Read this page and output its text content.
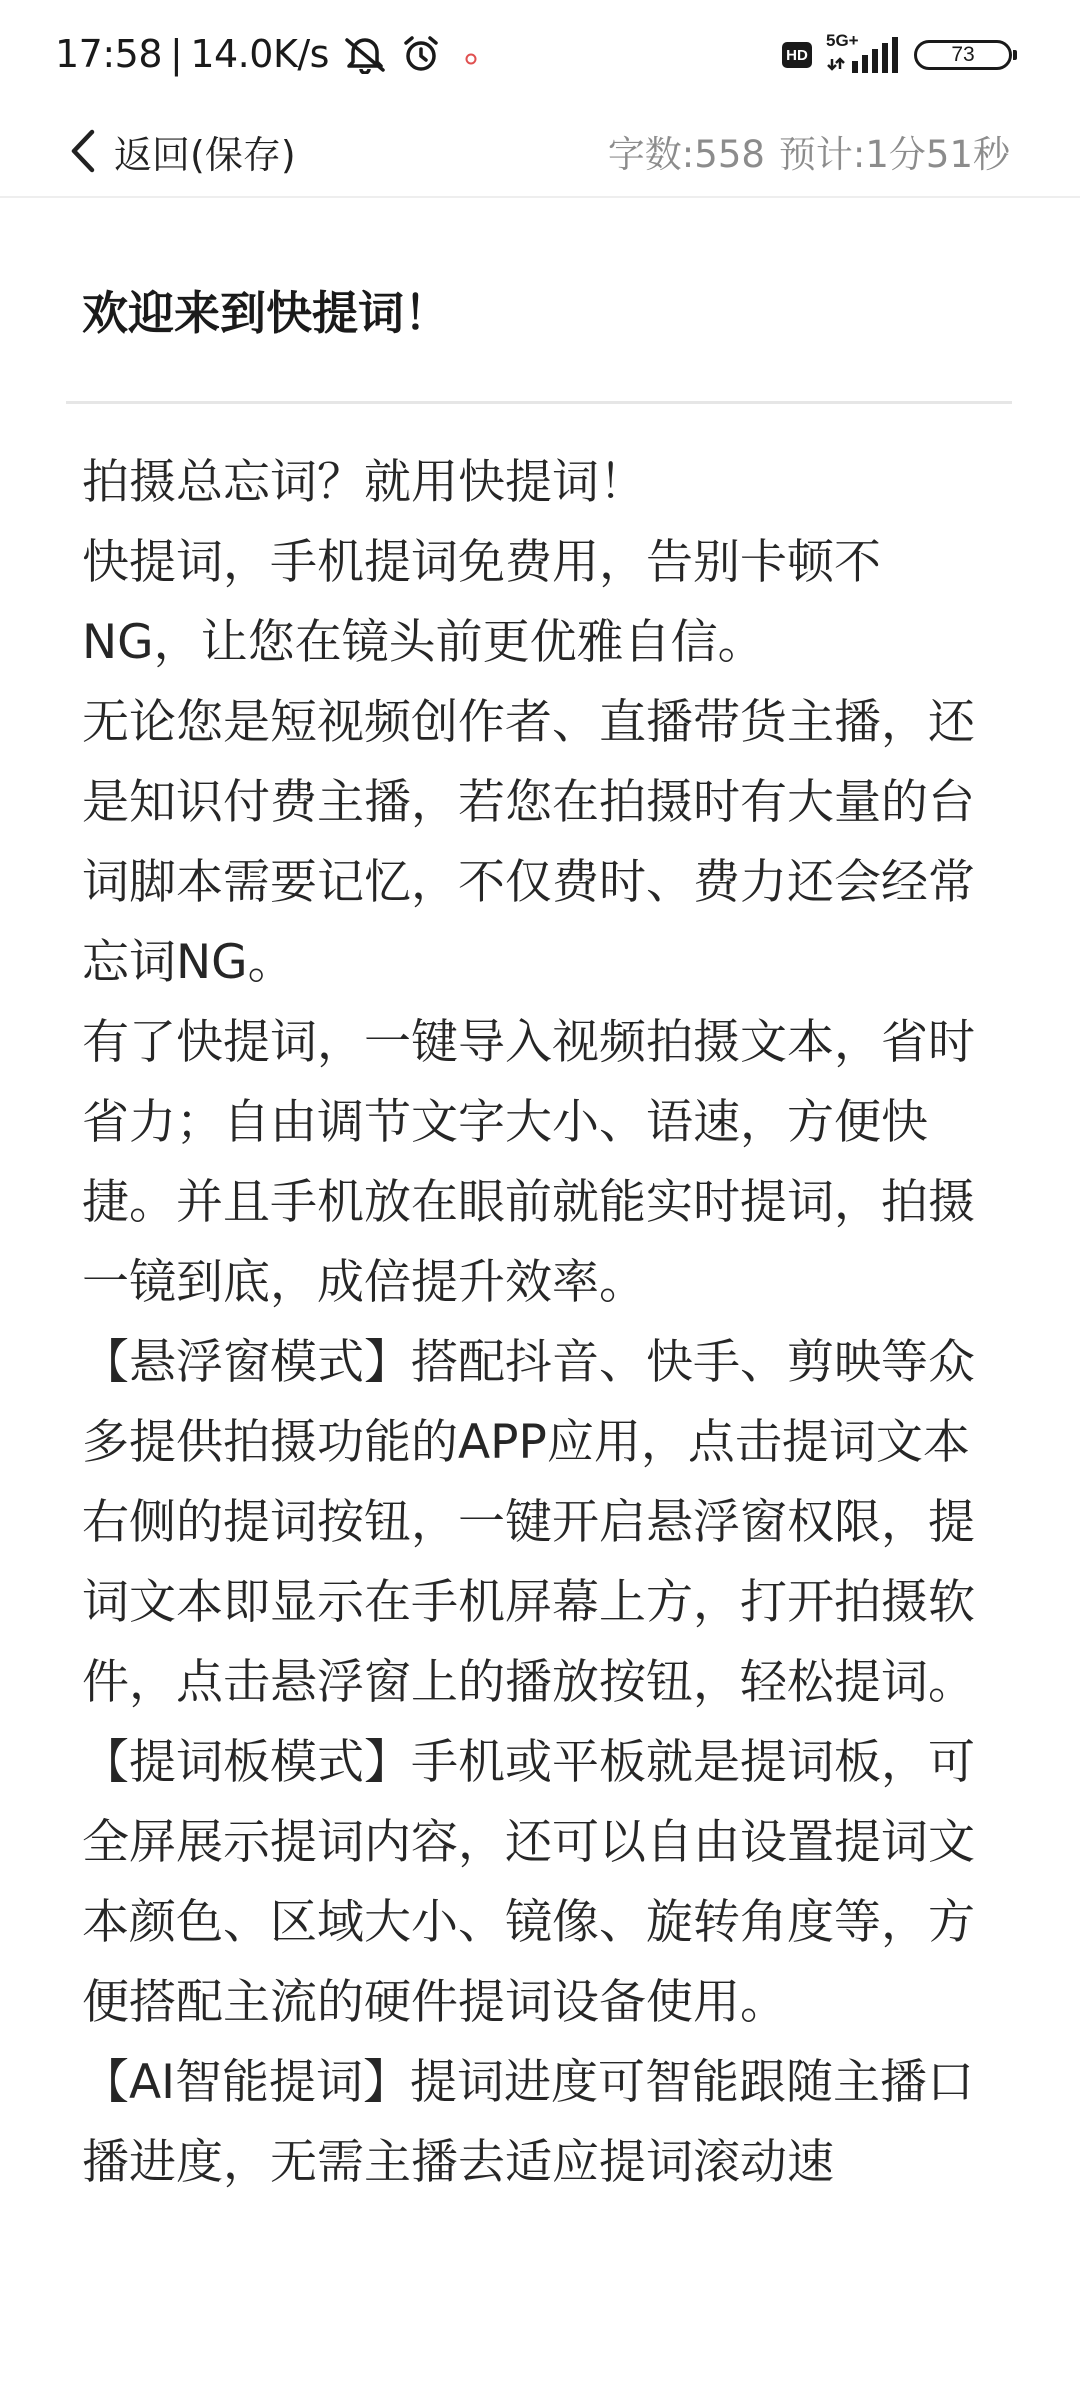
17:58 | 14.0K/s	HD
5G+
73
返回(保存)	字数:558 预计:1分51秒
欢迎来到快提词！

拍摄总忘词？就用快提词！

快提词，手机提词免费用，告别卡顿不NG，让您在镜头前更优雅自信。

无论您是短视频创作者、直播带货主播，还是知识付费主播，若您在拍摄时有大量的台词脚本需要记忆，不仅费时、费力还会经常忘词NG。

有了快提词，一键导入视频拍摄文本，省时省力；自由调节文字大小、语速，方便快捷。并且手机放在眼前就能实时提词，拍摄一镜到底，成倍提升效率。

【悬浮窗模式】搭配抖音、快手、剪映等众多提供拍摄功能的APP应用，点击提词文本右侧的提词按钮，一键开启悬浮窗权限，提词文本即显示在手机屏幕上方，打开拍摄软件，点击悬浮窗上的播放按钮，轻松提词。

【提词板模式】手机或平板就是提词板，可全屏展示提词内容，还可以自由设置提词文本颜色、区域大小、镜像、旋转角度等，方便搭配主流的硬件提词设备使用。

【AI智能提词】提词进度可智能跟随主播口播进度，无需主播去适应提词滚动速
